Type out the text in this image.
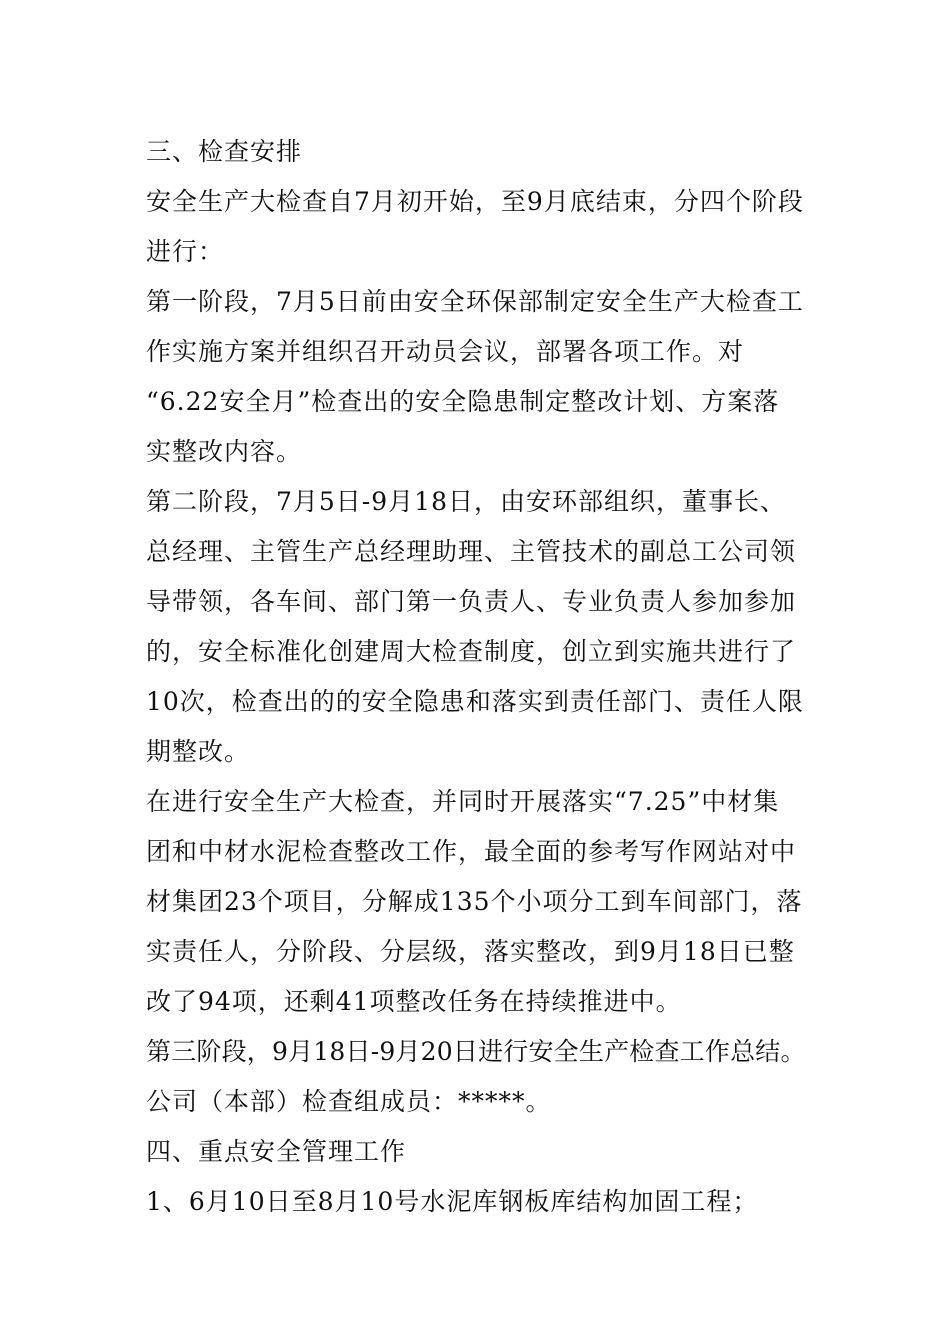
三、检查安排
安全生产大检查自7月初开始，至9月底结束，分四个阶段
进行：
第一阶段，7月5日前由安全环保部制定安全生产大检查工
作实施方案并组织召开动员会议，部署各项工作。对
“6.22安全月”检查出的安全隐患制定整改计划、方案落
实整改内容。
第二阶段，7月5日-9月18日，由安环部组织，董事长、
总经理、主管生产总经理助理、主管技术的副总工公司领
导带领，各车间、部门第一负责人、专业负责人参加参加
的，安全标准化创建周大检查制度，创立到实施共进行了
10次，检查出的的安全隐患和落实到责任部门、责任人限
期整改。
在进行安全生产大检查，并同时开展落实“7.25”中材集
团和中材水泥检查整改工作，最全面的参考写作网站对中
材集团23个项目，分解成135个小项分工到车间部门，落
实责任人，分阶段、分层级，落实整改，到9月18日已整
改了94项，还剩41项整改任务在持续推进中。
第三阶段，9月18日-9月20日进行安全生产检查工作总结。
公司（本部）检查组成员：*****。
四、重点安全管理工作
1、6月10日至8月10号水泥库钢板库结构加固工程；
